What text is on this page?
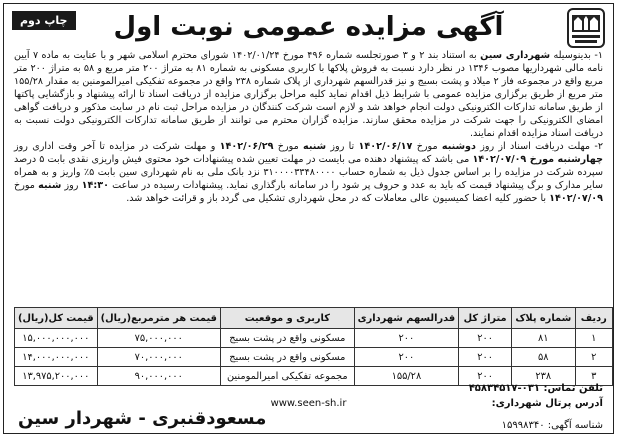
چاپ دوم	آگهی مزایده عمومی نوبت اول

۱- بدینوسیله شهرداری سین به استناد بند ۲ و ۳ صورتجلسه شماره ۴۹۶ مورخ ۱۴۰۲/۰۱/۲۴ شورای محترم اسلامی شهر و با عنایت به ماده ۷ آیین نامه مالی شهرداریها مصوب ۱۳۴۶ در نظر دارد نسبت به فروش پلاکها با کاربری مسکونی به شماره ۸۱ به متراژ ۲۰۰ متر مربع و ۵۸ به متراژ ۲۰۰ متر مربع واقع در مجموعه فاز ۲ میلاد و پشت بسیج و نیز قدرالسهم شهرداری از پلاک شماره ۲۳۸ واقع در مجموعه تفکیکی امیرالمومنین به مقدار ۱۵۵/۲۸ متر مربع از طریق برگزاری مزایده عمومی با شرایط ذیل اقدام نماید کلیه مراحل برگزاری مزایده از دریافت اسناد تا ارائه پیشنهاد و بازگشایی پاکتها از طریق سامانه تدارکات الکترونیکی دولت انجام خواهد شد و لازم است شرکت کنندگان در مزایده مراحل ثبت نام در سایت مذکور و دریافت گواهی امضای الکترونیکی را جهت شرکت در مزایده محقق سازند. مزایده گزاران محترم می توانند از طریق سامانه تدارکات الکترونیکی دولت نسبت به دریافت اسناد مزایده اقدام نمایند.

۲- مهلت دریافت اسناد از روز دوشنبه مورخ ۱۴۰۲/۰۶/۱۷ تا روز شنبه مورخ ۱۴۰۲/۰۶/۲۹ و مهلت شرکت در مزایده تا آخر وقت اداری روز چهارشنبه مورخ ۱۴۰۲/۰۷/۰۹ می باشد که پیشنهاد دهنده می بایست در مهلت تعیین شده پیشنهادات خود محتوی فیش واریزی نقدی بابت ۵ درصد سپرده شرکت در مزایده را بر اساس جدول ذیل به شماره حساب ۳۱۰۰۰۰۳۳۴۸۰۰۰۰ نزد بانک ملی به نام شهرداری سین بابت ۵٪ واریز و به همراه سایر مدارک و برگ پیشنهاد قیمت که باید به عدد و حروف پر شود را در سامانه بارگذاری نماید. پیشنهادات رسیده در ساعت ۱۴:۳۰ روز شنبه مورخ ۱۴۰۲/۰۷/۰۹ با حضور کلیه اعضا کمیسیون عالی معاملات که در محل شهرداری تشکیل می گردد باز و قرائت خواهد شد.

ردیف	شماره پلاک	متراژ کل	قدرالسهم شهرداری	کاربری و موقعیت	قیمت هر مترمربع(ریال)	قیمت کل(ریال)
۱	۸۱	۲۰۰	۲۰۰	مسکونی واقع در پشت بسیج	۷۵,۰۰۰,۰۰۰	۱۵,۰۰۰,۰۰۰,۰۰۰
۲	۵۸	۲۰۰	۲۰۰	مسکونی واقع در پشت بسیج	۷۰,۰۰۰,۰۰۰	۱۴,۰۰۰,۰۰۰,۰۰۰
۳	۲۳۸	۲۰۰	۱۵۵/۲۸	مجموعه تفکیکی امیرالمومنین	۹۰,۰۰۰,۰۰۰	۱۳,۹۷۵,۲۰۰,۰۰۰
تلفن تماس: ۰۳۱-۴۵۸۳۴۵۱۷
آدرس پرتال شهرداری:
www.seen-sh.ir
مسعودقنبری - شهردار سین	شناسه آگهی: ۱۵۹۹۸۳۴۰
